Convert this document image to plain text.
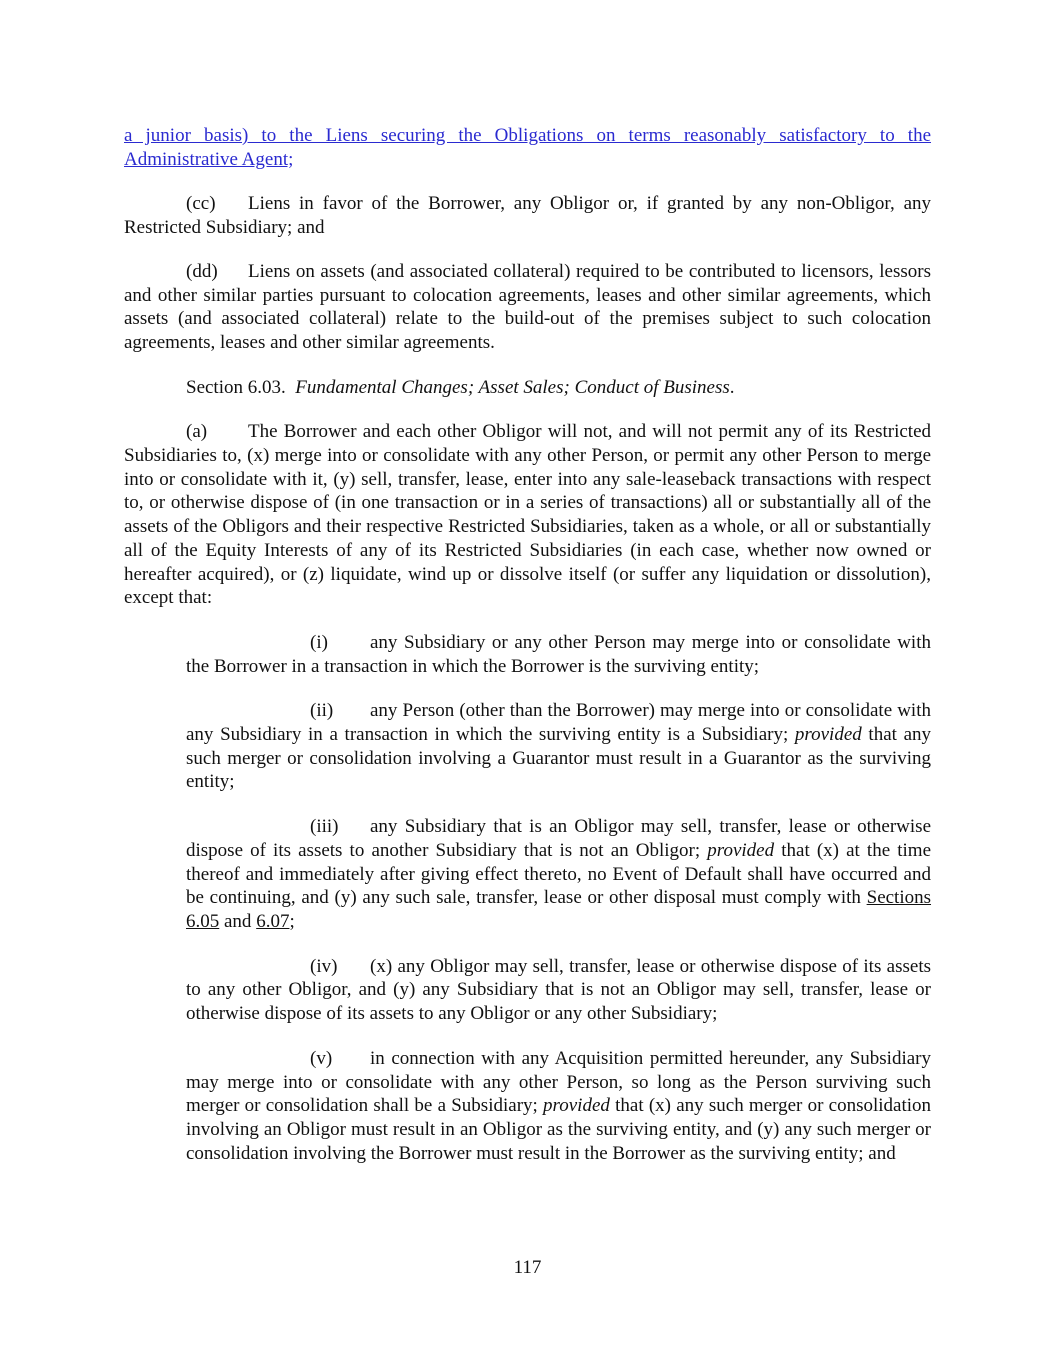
a junior basis) to the Liens securing the Obligations on terms reasonably satisfactory to the Administrative Agent;

(cc) Liens in favor of the Borrower, any Obligor or, if granted by any non-Obligor, any Restricted Subsidiary; and

(dd) Liens on assets (and associated collateral) required to be contributed to licensors, lessors and other similar parties pursuant to colocation agreements, leases and other similar agreements, which assets (and associated collateral) relate to the build-out of the premises subject to such colocation agreements, leases and other similar agreements.

Section 6.03. Fundamental Changes; Asset Sales; Conduct of Business.

(a) The Borrower and each other Obligor will not, and will not permit any of its Restricted Subsidiaries to, (x) merge into or consolidate with any other Person, or permit any other Person to merge into or consolidate with it, (y) sell, transfer, lease, enter into any sale-leaseback transactions with respect to, or otherwise dispose of (in one transaction or in a series of transactions) all or substantially all of the assets of the Obligors and their respective Restricted Subsidiaries, taken as a whole, or all or substantially all of the Equity Interests of any of its Restricted Subsidiaries (in each case, whether now owned or hereafter acquired), or (z) liquidate, wind up or dissolve itself (or suffer any liquidation or dissolution), except that:

(i) any Subsidiary or any other Person may merge into or consolidate with the Borrower in a transaction in which the Borrower is the surviving entity;

(ii) any Person (other than the Borrower) may merge into or consolidate with any Subsidiary in a transaction in which the surviving entity is a Subsidiary; provided that any such merger or consolidation involving a Guarantor must result in a Guarantor as the surviving entity;

(iii) any Subsidiary that is an Obligor may sell, transfer, lease or otherwise dispose of its assets to another Subsidiary that is not an Obligor; provided that (x) at the time thereof and immediately after giving effect thereto, no Event of Default shall have occurred and be continuing, and (y) any such sale, transfer, lease or other disposal must comply with Sections 6.05 and 6.07;

(iv) (x) any Obligor may sell, transfer, lease or otherwise dispose of its assets to any other Obligor, and (y) any Subsidiary that is not an Obligor may sell, transfer, lease or otherwise dispose of its assets to any Obligor or any other Subsidiary;

(v) in connection with any Acquisition permitted hereunder, any Subsidiary may merge into or consolidate with any other Person, so long as the Person surviving such merger or consolidation shall be a Subsidiary; provided that (x) any such merger or consolidation involving an Obligor must result in an Obligor as the surviving entity, and (y) any such merger or consolidation involving the Borrower must result in the Borrower as the surviving entity; and

117
